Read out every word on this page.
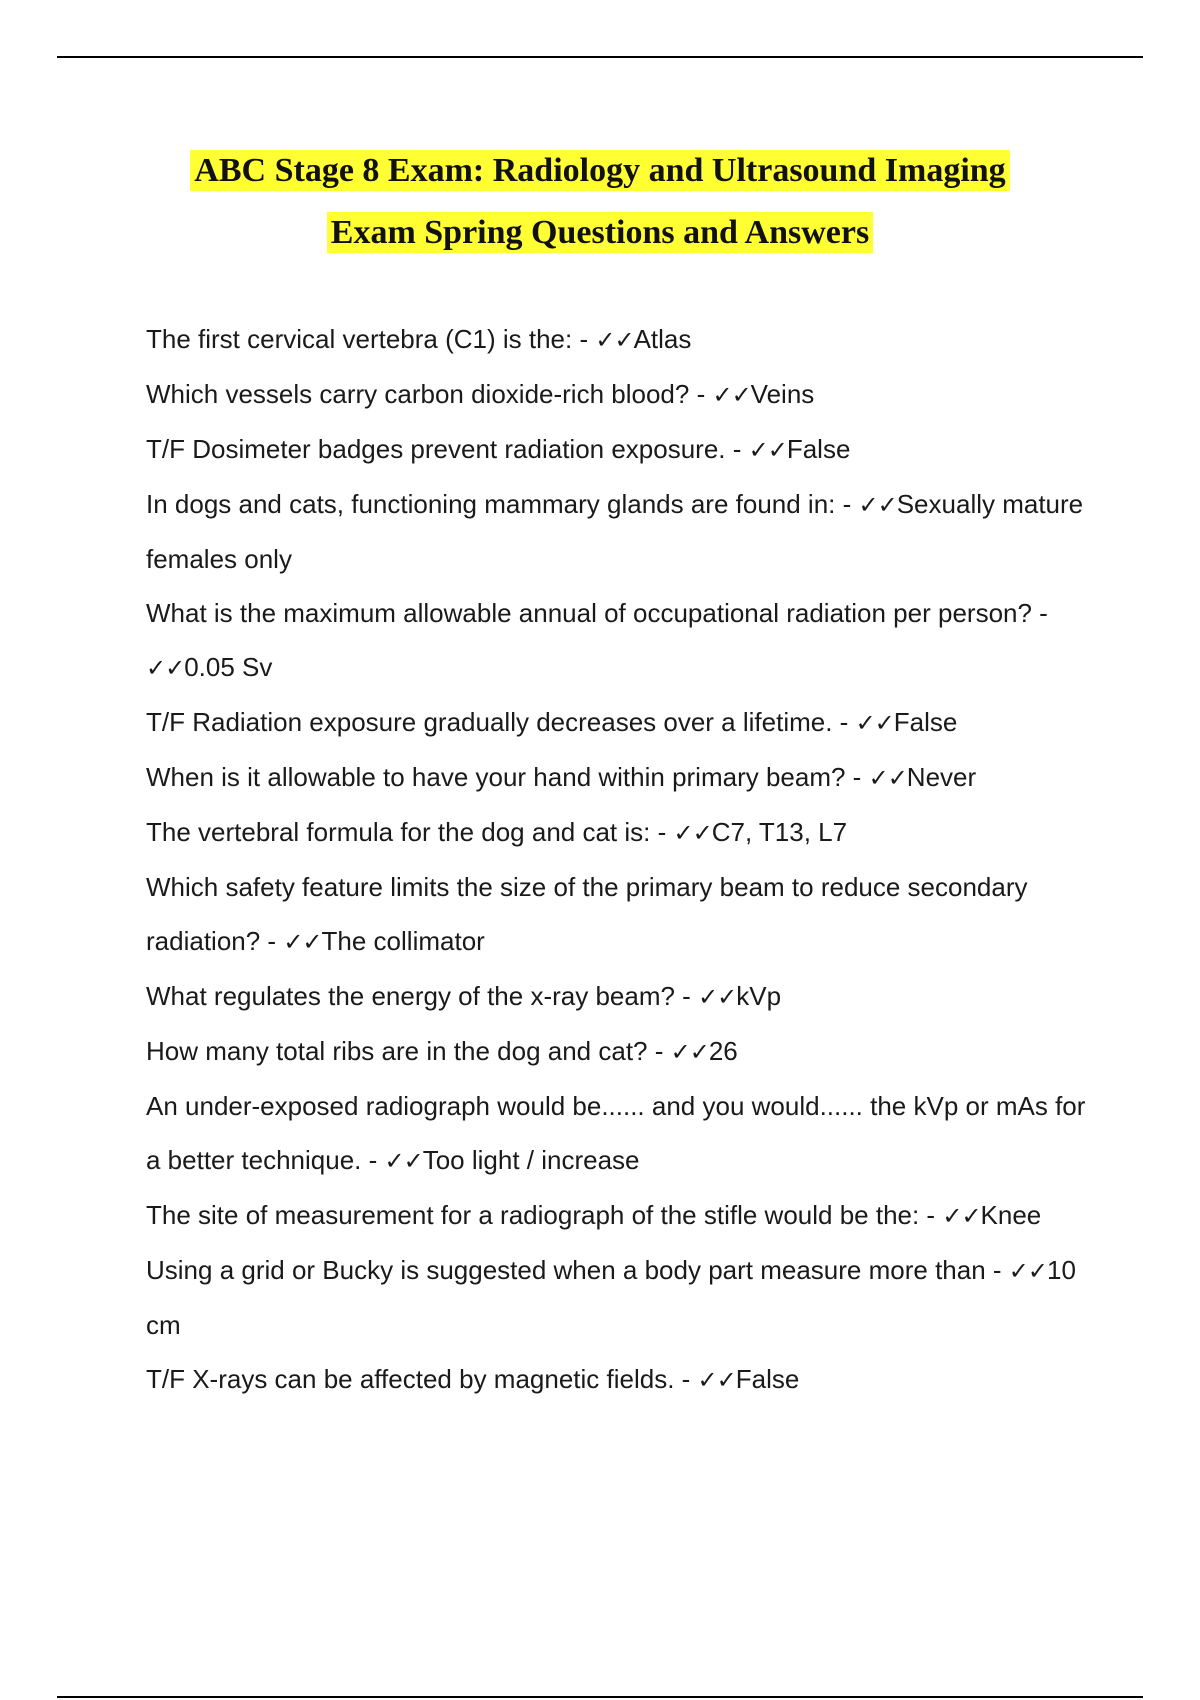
ABC Stage 8 Exam: Radiology and Ultrasound Imaging
Exam Spring Questions and Answers
The first cervical vertebra (C1) is the: - ✓✓Atlas
Which vessels carry carbon dioxide-rich blood? - ✓✓Veins
T/F Dosimeter badges prevent radiation exposure. - ✓✓False
In dogs and cats, functioning mammary glands are found in: - ✓✓Sexually mature females only
What is the maximum allowable annual of occupational radiation per person? - ✓✓0.05 Sv
T/F Radiation exposure gradually decreases over a lifetime. - ✓✓False
When is it allowable to have your hand within primary beam? - ✓✓Never
The vertebral formula for the dog and cat is: - ✓✓C7, T13, L7
Which safety feature limits the size of the primary beam to reduce secondary radiation? - ✓✓The collimator
What regulates the energy of the x-ray beam? - ✓✓kVp
How many total ribs are in the dog and cat? - ✓✓26
An under-exposed radiograph would be...... and you would...... the kVp or mAs for a better technique. - ✓✓Too light / increase
The site of measurement for a radiograph of the stifle would be the: - ✓✓Knee
Using a grid or Bucky is suggested when a body part measure more than - ✓✓10 cm
T/F X-rays can be affected by magnetic fields. - ✓✓False
